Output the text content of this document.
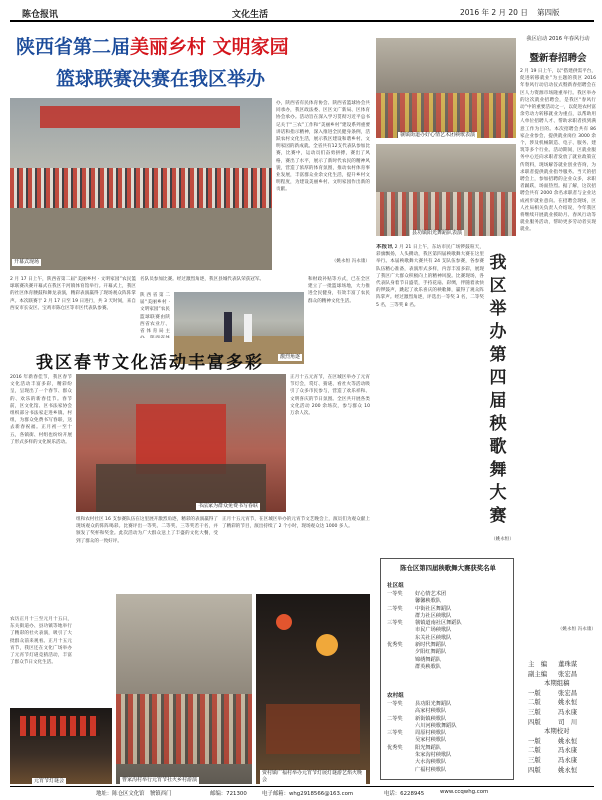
陈仓报讯	文化生活	2016 年 2 月 20 日 第四版
陕西省第二届美丽乡村 文明家园
篮球联赛决赛在我区举办
开幕式现场
办，陕西省有民体育协会、陕西省篮球协会共同承办，我区政法委、区区文广新局、区体育协会承办。活动旨在深入学习贯彻习近平总书记关于“三农”工作和“美丽乡村”建设系列重要讲话和指示精神，深入推进全民健身条例，活跃农村文化生活，展示我区建设和谐乡村、文明家园的新成就。全省共有12支代表队参加比赛，比赛中，运动员们奋勇拼搏，赛出了风格，赛出了水平，展示了新时代农民的精神风貌，营造了浓厚的体育氛围，推动农村体育事业发展，丰富群众业余文化生活，提升乡村文明程度，为建设美丽乡村、文明家园作出新的贡献。
（姚永恒 冯永康）
2 月 17 日上午，陕西省第二届“美丽乡村 · 文明家园”农民篮球联赛决赛开幕式在我区千河镇体育馆举行。开幕式上，我区的社区体育腰鼓和舞龙表演，精彩表演赢得了现场观众阵阵掌声。本次联赛于 2 月 17 日至 19 日进行，共 3 天时间，来自西安市长安区、宝鸡市陈仓区等市区代表队参赛。
名队员参加比赛。经过激烈角逐，我区县城代表队荣获冠军。
陕西省第二届“美丽乡村 · 文明家园”农民篮球联赛由陕西省农业厅、省体育局主
激烈角逐
和财政补贴等方式，已在全区建立了一批篮球场地，大力推进全民健身，有效丰富了农民群众的精神文化生活。
虢镇街道办好心情艺术团秧歌表演
县功镇阳光舞蹈队表演
本报讯 2 月 21 日上午，东坊市民广场锣鼓喧天，彩旗飘扬，人头攒动，我区第四届秧歌舞大赛在这里举行。本届秧歌舞大赛共有 24 支队伍参赛，各参赛队伍精心准备，表演形式多样，内容丰富多彩，展现了我区广大群众积极向上的精神风貌。比赛现场，各代表队身着节日盛装，手持花扇、彩绸，伴随着欢快的锣鼓声，跳起了欢乐喜庆的秧歌舞，赢得了观众阵阵掌声。经过激烈角逐，评选出一等奖 3 名，二等奖 5 名，三等奖 8 名。
我区举办第四届秧歌舞大赛
（姚永恒）
我区春节文化活动丰富多彩
2016 年新春佳节，我区春节文化活动丰富多彩，精彩纷呈，呈现出了一个春节、群众的、欢乐的新春佳节。春节前，区文化馆、区书法家协会组织部分书法家走进乡镇、村组，为群众免费书写春联，送去新春祝福。正月初一至十五，各镇街、村组也纷纷开展了形式多样的文化娱乐活动。
农历正月十三至元月十五日，东关街道办、县功镇等地举行了精彩的社火表演，吸引了大批群众前来观看。正月十五元宵节，我区还在文化广场举办了元宵节灯谜竞猜活动，丰富了群众节日文化生活。
书法家为群众免费书写春联
正月十五元宵节，在区城区举办了元宵节灯会，赏灯、猜谜、看社火等活动吸引了众多市民参与，营造了欢乐祥和、文明喜庆的节日氛围。全区共开展各类文化活动 200 余场次，参与群众 10 万余人次。
组和农村社区 16 支参赛队伍在这里展开激烈角逐，精彩的表演赢得了现场观众的阵阵喝彩。比赛评出一等奖、二等奖、三等奖若干名，并颁发了奖杯和奖金。此次活动为广大群众送上了丰盛的文化大餐，受到了群众的一致好评。
正月十五元宵节，在区城区举办的元宵节文艺晚会上，演员们为观众献上了精彩的节目，演出持续了 2 个小时，现场观众达 1000 多人。
元宵节灯谜会	曹家沟村举行元宵节社火乡村游演
贾村镇广福村举办元宵节灯展灯谜游艺焰火晚会
陈仓区第四届秧歌舞大赛获奖名单
社区组
一等奖	好心情艺术团
馨馨秧歌队
二等奖	中街社区舞蹈队
群力社区秧歌队
三等奖	虢镇道南社区舞蹈队
市民广场秧歌队
东关社区秧歌队
优秀奖	新时代舞蹈队
夕阳红舞蹈队
锦绣舞蹈队
群英秧歌队
农村组
一等奖	县功阳光舞蹈队
高家村秧歌队
二等奖	新街镇秧歌队
六川河秧歌舞蹈队
三等奖	周原村秧歌队
吴家村秧歌队
优秀奖	阳光舞蹈队
朱家沟村秧歌队
大水沟秧歌队
广福村秧歌队
我区启动 2016 年春风行动
暨新春招聘会
2 月 19 日上午，以“搭建供需平台，促进转移就业”为主题的我区 2016 年春风行动启动仪式暨新春招聘会在区人力资源市场隆重举行。我区举办的这次就业招聘会，是我区“春风行动”中的重要活动之一，以促进农村富余劳动力转移就业为重点，以帮助用人单位招聘人才、帮助求职者找到满意工作为目的。本次招聘会共有 86 家企业参会，提供就业岗位 3000 余个，涉及机械制造、电子、服务、建筑等多个行业。活动期间，区就业服务中心还向求职者发放了就业政策宣传资料，现场解答就业创业咨询，为求职者提供就业指导服务。当天的招聘会上，参加招聘的企业众多，求职者踊跃，场面热烈。据了解，这次招聘会共有 2000 余名求职者与企业达成初步就业意向。在招聘会现场，区人社局相关负责人介绍说，今年我区将继续开展就业援助月、春风行动等就业服务活动，帮助更多劳动者实现就业。
（姚永恒 冯永康）
主　编	董珠谋
副主编	张宏昌
本期组稿
一版	张宏昌
二版	姚永恒
三版	冯永康
四版	司　川
本期校对
一版	姚永恒
二版	冯永康
三版	冯永康
四版	姚永恒
地址：陈仓区文化馆　虢镇西门	邮编：721300	电子邮箱：whg2918566@163.com	电话：6228945	www.ccqwhg.com
